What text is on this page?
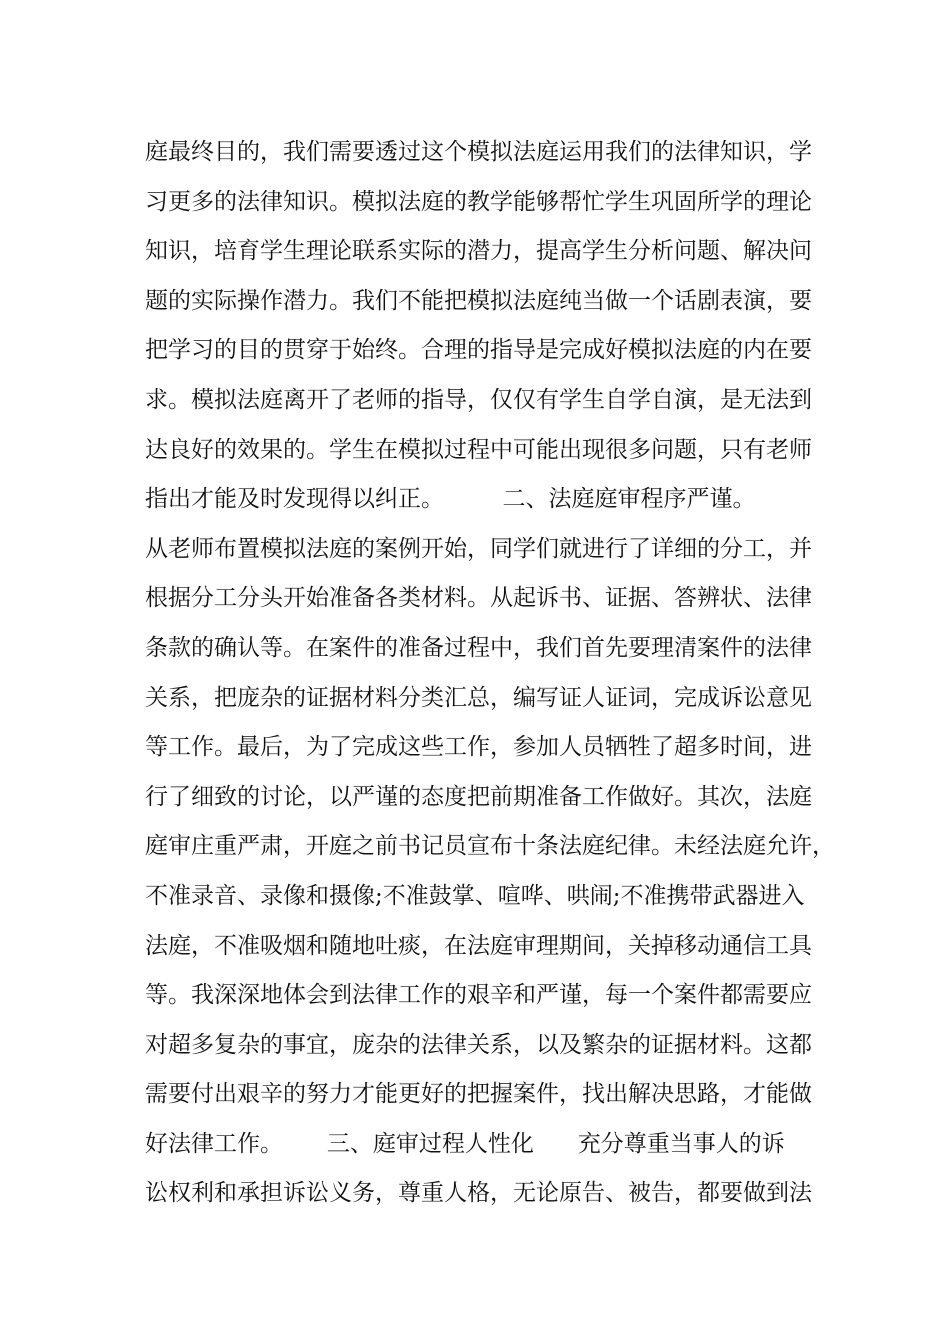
庭最终目的，我们需要透过这个模拟法庭运用我们的法律知识，学
习更多的法律知识。模拟法庭的教学能够帮忙学生巩固所学的理论
知识，培育学生理论联系实际的潜力，提高学生分析问题、解决问
题的实际操作潜力。我们不能把模拟法庭纯当做一个话剧表演，要
把学习的目的贯穿于始终。合理的指导是完成好模拟法庭的内在要
求。模拟法庭离开了老师的指导，仅仅有学生自学自演，是无法到
达良好的效果的。学生在模拟过程中可能出现很多问题，只有老师
指出才能及时发现得以纠正。        二、法庭庭审程序严谨。
从老师布置模拟法庭的案例开始，同学们就进行了详细的分工，并
根据分工分头开始准备各类材料。从起诉书、证据、答辨状、法律
条款的确认等。在案件的准备过程中，我们首先要理清案件的法律
关系，把庞杂的证据材料分类汇总，编写证人证词，完成诉讼意见
等工作。最后，为了完成这些工作，参加人员牺牲了超多时间，进
行了细致的讨论，以严谨的态度把前期准备工作做好。其次，法庭
庭审庄重严肃，开庭之前书记员宣布十条法庭纪律。未经法庭允许，
不准录音、录像和摄像;不准鼓掌、喧哗、哄闹;不准携带武器进入
法庭，不准吸烟和随地吐痰，在法庭审理期间，关掉移动通信工具
等。我深深地体会到法律工作的艰辛和严谨，每一个案件都需要应
对超多复杂的事宜，庞杂的法律关系，以及繁杂的证据材料。这都
需要付出艰辛的努力才能更好的把握案件，找出解决思路，才能做
好法律工作。      三、庭审过程人性化      充分尊重当事人的诉
讼权利和承担诉讼义务，尊重人格，无论原告、被告，都要做到法
